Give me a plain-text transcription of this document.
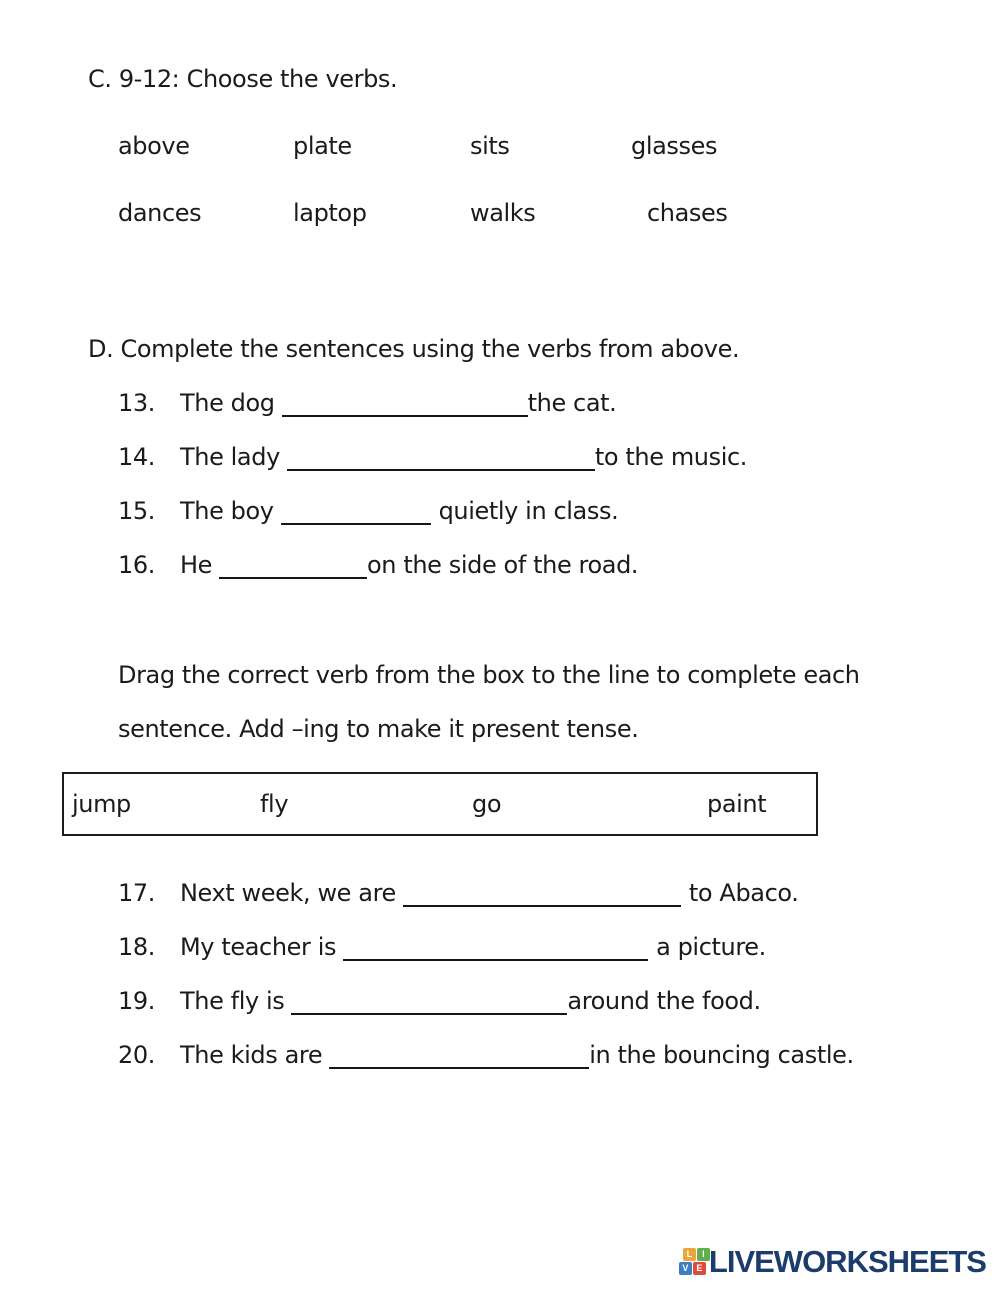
C. 9-12: Choose the verbs.
above	plate	sits	glasses
dances	laptop	walks	chases
D. Complete the sentences using the verbs from above.
13. The dog	the cat.
14. The lady	to the music.
15. The boy	quietly in class.
16. He	on the side of the road.
Drag the correct verb from the box to the line to complete each
sentence. Add –ing to make it present tense.
jump	fly	go	paint
17. Next week, we are	to Abaco.
18. My teacher is	a picture.
19. The fly is	around the food.
20. The kids are	in the bouncing castle.
L	I
V E LIVEWORKSHEETS
